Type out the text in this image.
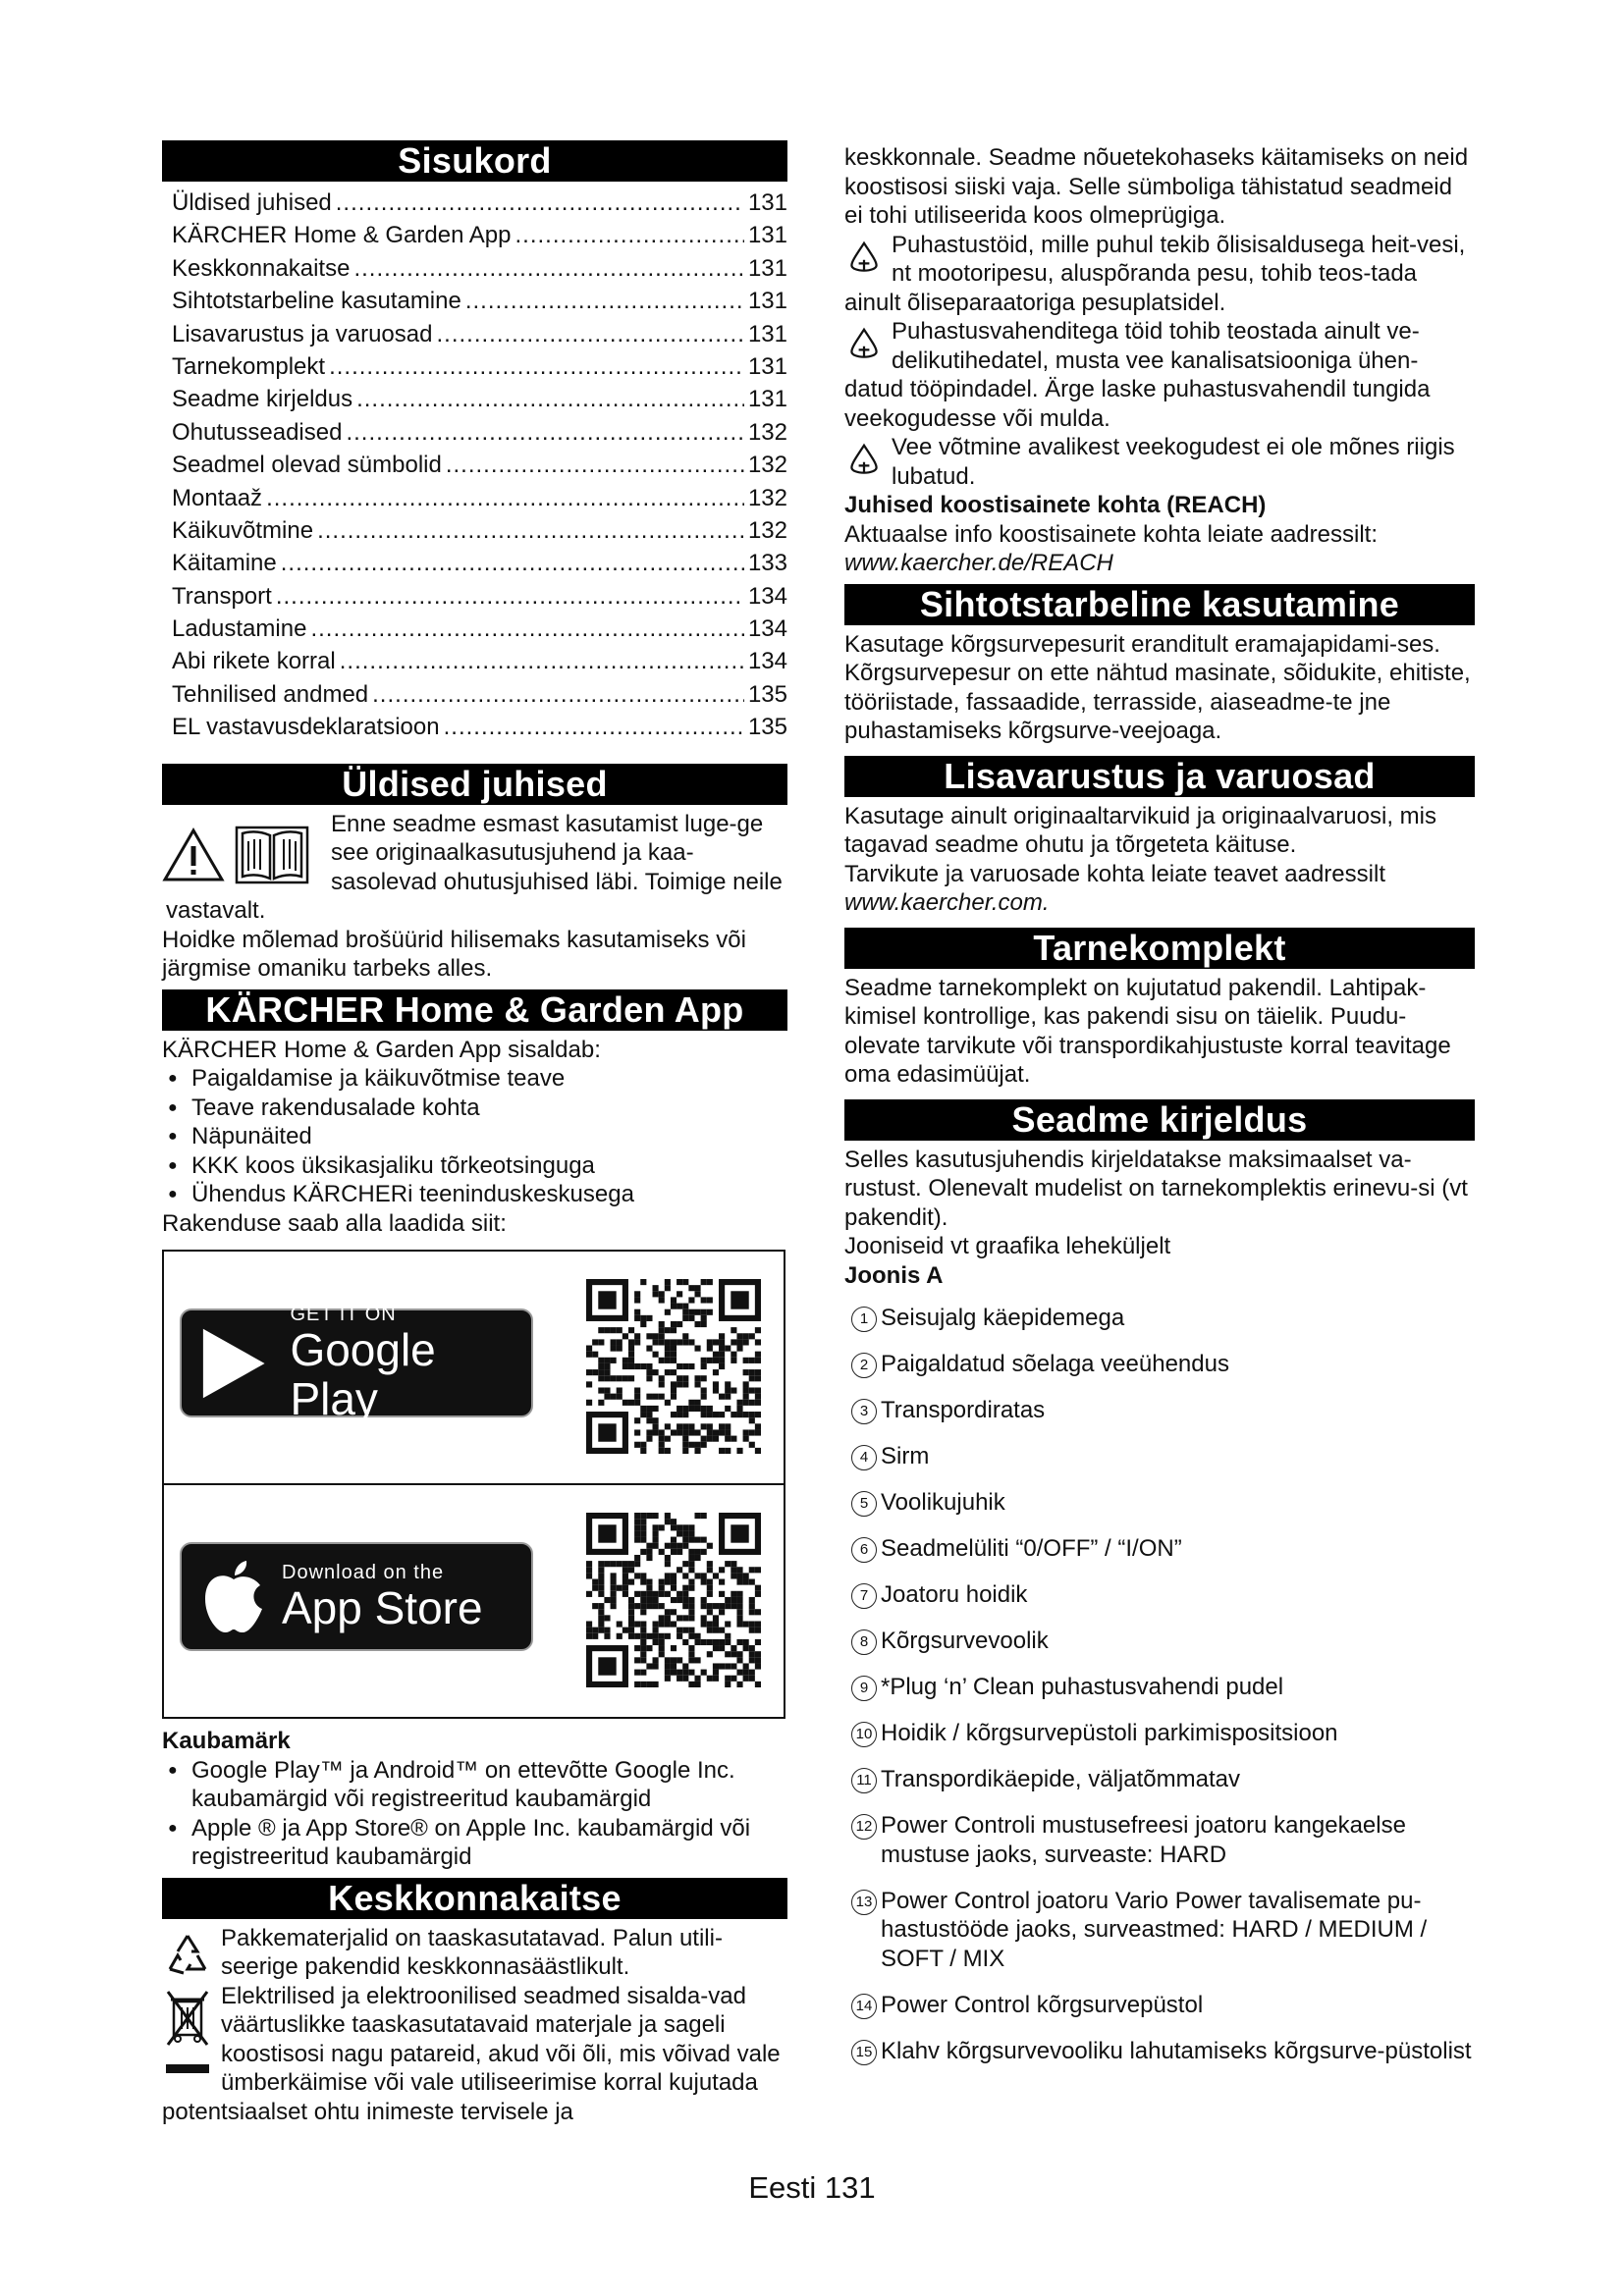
Sisukord
Üldised juhised .....	131
KÄRCHER Home & Garden App .....	131
Keskkonnakaitse .....	131
Sihtotstarbeline kasutamine .....	131
Lisavarustus ja varuosad .....	131
Tarnekomplekt .....	131
Seadme kirjeldus .....	131
Ohutusseadised .....	132
Seadmel olevad sümbolid .....	132
Montaaž .....	132
Käikuvõtmine .....	132
Käitamine .....	133
Transport .....	134
Ladustamine .....	134
Abi rikete korral .....	134
Tehnilised andmed .....	135
EL vastavusdeklaratsioon .....	135
Üldised juhised

Enne seadme esmast kasutamist luge-ge see originaalkasutusjuhend ja kaa-sasolevad ohutusjuhised läbi. Toimige neile vastavalt.

Hoidke mõlemad brošüürid hilisemaks kasutamiseks või järgmise omaniku tarbeks alles.

KÄRCHER Home & Garden App

KÄRCHER Home & Garden App sisaldab:

● Paigaldamise ja käikuvõtmise teave
● Teave rakendusalade kohta
● Näpunäited
● KKK koos üksikasjaliku tõrkeotsinguga
● Ühendus KÄRCHERi teeninduskeskusega

Rakenduse saab alla laadida siit:

GET IT ON
Google Play
Download on the
App Store

Kaubamärk

● Google Play™ ja Android™ on ettevõtte Google Inc. kaubamärgid või registreeritud kaubamärgid
● Apple ® ja App Store® on Apple Inc. kaubamärgid või registreeritud kaubamärgid
Keskkonnakaitse

Pakkematerjalid on taaskasutatavad. Palun utili-seerige pakendid keskkonnasäästlikult.

Elektrilised ja elektroonilised seadmed sisalda-vad väärtuslikke taaskasutatavaid materjale ja sageli koostisosi nagu patareid, akud või õli, mis võivad vale ümberkäimise või vale utiliseerimise korral kujutada potentsiaalset ohtu inimeste tervisele ja

keskkonnale. Seadme nõuetekohaseks käitamiseks on neid koostisosi siiski vaja. Selle sümboliga tähistatud seadmeid ei tohi utiliseerida koos olmeprügiga.

Puhastustöid, mille puhul tekib õlisisaldusega heit-vesi, nt mootoripesu, aluspõranda pesu, tohib teos-tada ainult õliseparaatoriga pesuplatsidel.

Puhastusvahenditega töid tohib teostada ainult ve-delikutihedatel, musta vee kanalisatsiooniga ühen-datud tööpindadel. Ärge laske puhastusvahendil tungida veekogudesse või mulda.

Vee võtmine avalikest veekogudest ei ole mõnes riigis lubatud.

Juhised koostisainete kohta (REACH)

Aktuaalse info koostisainete kohta leiate aadressilt:

www.kaercher.de/REACH

Sihtotstarbeline kasutamine

Kasutage kõrgsurvepesurit eranditult eramajapidami-ses.

Kõrgsurvepesur on ette nähtud masinate, sõidukite, ehitiste, tööriistade, fassaadide, terrasside, aiaseadme-te jne puhastamiseks kõrgsurve-veejoaga.

Lisavarustus ja varuosad

Kasutage ainult originaaltarvikuid ja originaalvaruosi, mis tagavad seadme ohutu ja tõrgeteta käituse.

Tarvikute ja varuosade kohta leiate teavet aadressilt

www.kaercher.com.

Tarnekomplekt

Seadme tarnekomplekt on kujutatud pakendil. Lahtipak-kimisel kontrollige, kas pakendi sisu on täielik. Puudu-olevate tarvikute või transpordikahjustuste korral teavitage oma edasimüüjat.

Seadme kirjeldus

Selles kasutusjuhendis kirjeldatakse maksimaalset va-rustust. Olenevalt mudelist on tarnekomplektis erinevu-si (vt pakendit).

Jooniseid vt graafika leheküljelt

Joonis A

1 Seisujalg käepidemega
2 Paigaldatud sõelaga veeühendus
3 Transpordiratas
4 Sirm
5 Voolikujuhik
6 Seadmelüliti “0/OFF” / “I/ON”
7 Joatoru hoidik
8 Kõrgsurvevoolik
9 *Plug ‘n’ Clean puhastusvahendi pudel
10 Hoidik / kõrgsurvepüstoli parkimispositsioon
11 Transpordikäepide, väljatõmmatav
12 Power Controli mustusefreesi joatoru kangekaelse mustuse jaoks, surveaste: HARD
13 Power Control joatoru Vario Power tavalisemate pu-hastustööde jaoks, surveastmed: HARD / MEDIUM / SOFT / MIX
14 Power Control kõrgsurvepüstol
15 Klahv kõrgsurvevooliku lahutamiseks kõrgsurve-püstolist
Eesti 131
